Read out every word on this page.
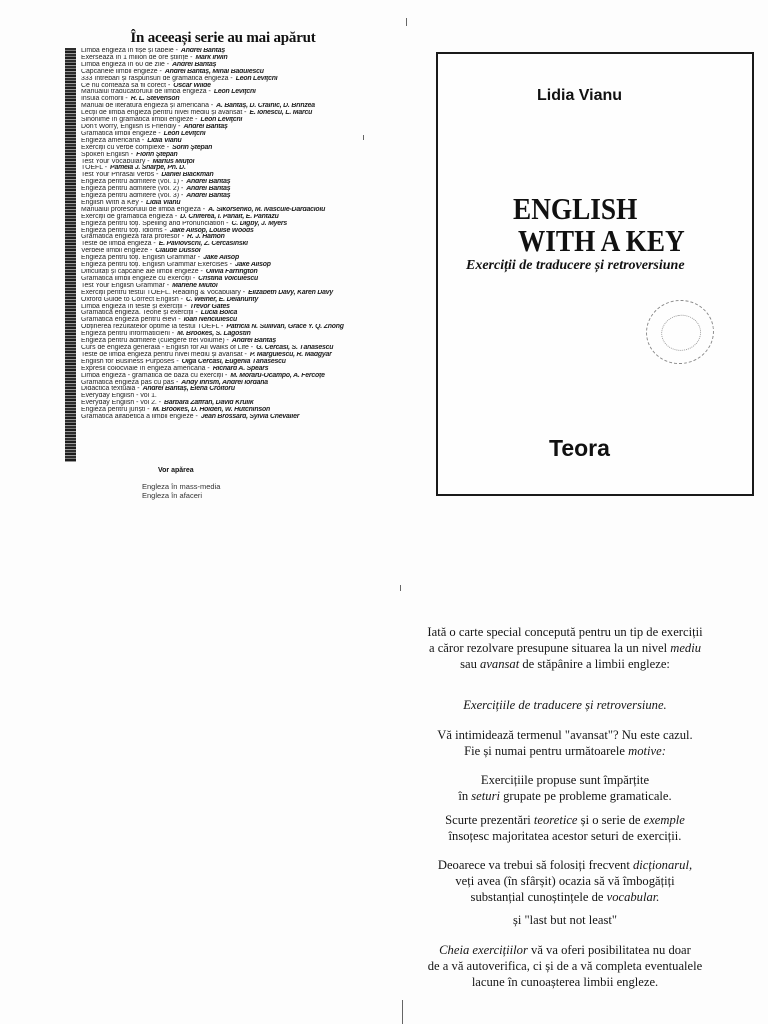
În aceeași serie au mai apărut
Limba engleză în fișe și tabele - Andrei Bantaș
Exersează în 1 milion de ore științe - Mark Irwin
Limba engleză în 60 de zile - Andrei Bantaș
Capcanele limbii engleze - Andrei Bantaș, Mihai Bădulescu
333 întrebări și răspunsuri de gramatica engleză - Leon Leviţchi
Ce nu contează să fii corect - Oscar Wilde
Manualul traducătorului de limba engleză - Leon Leviţchi
Insula comorii - R. L. Stevenson
Manual de literatură engleză și americană - A. Bantaș, D. Crainic, D. Brinzea
Lecții de limba engleză pentru nivel mediu și avansat - E. Ionescu, L. Marcu
Sinonime în gramatica limbii engleze - Leon Leviţchi
Don't Worry, English is Friendly - Andrei Bantaș
Gramatica limbii engleze - Leon Leviţchi
Engleza americană - Lidia Vianu
Exerciții cu verbe complexe - Sorin Ştepan
Spoken English - Florin Ştepan
Test Your Vocabulary - Marius Miuțoi
TOEFL - Pamela J. Sharpe, Ph. D.
Test Your Phrasal Verbs - Daniel Blackman
Engleza pentru admitere (vol. 1) - Andrei Bantaș
Engleza pentru admitere (vol. 2) - Andrei Bantaș
Engleza pentru admitere (vol. 3) - Andrei Bantaș
English With a Key - Lidia Vianu
Manualul profesorului de limba engleză - A. Sikorsenko, M. Ivăscule-Dârdăcioiu
Exerciții de gramatică engleză - D. Chiferea, I. Panait, E. Pantazu
Engleza pentru toți. Spelling and Pronunciation - C. Digby, J. Myers
Engleza pentru toți. Idioms - Jake Allsop, Louise Woods
Gramatica engleză fără profesor - R. J. Hamon
Teste de limba engleză - E. Pavlovschi, Z. Cercasinski
Verbele limbii engleze - Claude Dussol
Engleza pentru toți. English Grammar - Jake Allsop
Engleza pentru toți. English Grammar Exercises - Jake Allsop
Dificultăți și capcane ale limbii engleze - Olivia Farrington
Gramatica limbii engleze cu exerciții - Cristina Voiculescu
Test Your English Grammar - Marlene Miutoi
Exerciții pentru testul TOEFL. Reading & Vocabulary - Elizabeth Davy, Karen Davy
Oxford Guide to Correct English - C. Weiner, E. Delahunty
Limba engleză în teste și exerciții - Trevor Gates
Gramatica engleză. Teorie și exerciții - Lucia Bolcă
Gramatica engleză pentru elevi - Ioan Nenciulescu
Obținerea rezultatelor optime la testul TOEFL - Patricia N. Sullivan, Grace Y. Q. Zhong
Engleza pentru informaticieni - M. Brookes, S. Lagostin
Engleza pentru admitere (culegere trei volume) - Andrei Bantaș
Curs de engleză generală - English for All Walks of Life - G. Cercasi, S. Tănăsescu
Teste de limba engleză pentru nivel mediu și avansat - P. Margulescu, R. Madgyar
English for Business Purposes - Olga Cercasi, Eugenia Tănăsescu
Expresii colocviale în engleza americană - Richard A. Spears
Limba engleză - gramatica de bază cu exerciții - M. Moraru-Ocampo, A. Fercoțe
Gramatica engleză pas cu pas - Andy Inrism, Andrei Iordana
Didactica textuală - Andrei Bantaș, Elena Croitoru
Everyday English - vol 1.
Everyday English - vol 2. - Barbara Zaffran, David Krulik
Engleza pentru juriști - M. Brookes, D. Holden, W. Hutchinson
Gramatica alfabetică a limbii engleze - Jean Brossard, Sylvia Chevalier
Vor apărea
Engleza în mass-media
Engleza în afaceri
Lidia Vianu
ENGLISH
WITH A KEY
Exerciții de traducere și retroversiune
Teora

Iată o carte special concepută pentru un tip de exerciții

a căror rezolvare presupune situarea la un nivel mediu

sau avansat de stăpânire a limbii engleze:

Exercițiile de traducere și retroversiune.

Vă intimidează termenul "avansat"? Nu este cazul.

Fie și numai pentru următoarele motive:

Exercițiile propuse sunt împărțite

în seturi grupate pe probleme gramaticale.

Scurte prezentări teoretice și o serie de exemple

însoțesc majoritatea acestor seturi de exerciții.

Deoarece va trebui să folosiți frecvent dicționarul,

veți avea (în sfârșit) ocazia să vă îmbogățiți

substanțial cunoștințele de vocabular.

și "last but not least"

Cheia exercițiilor vă va oferi posibilitatea nu doar

de a vă autoverifica, ci și de a vă completa eventualele

lacune în cunoașterea limbii engleze.
